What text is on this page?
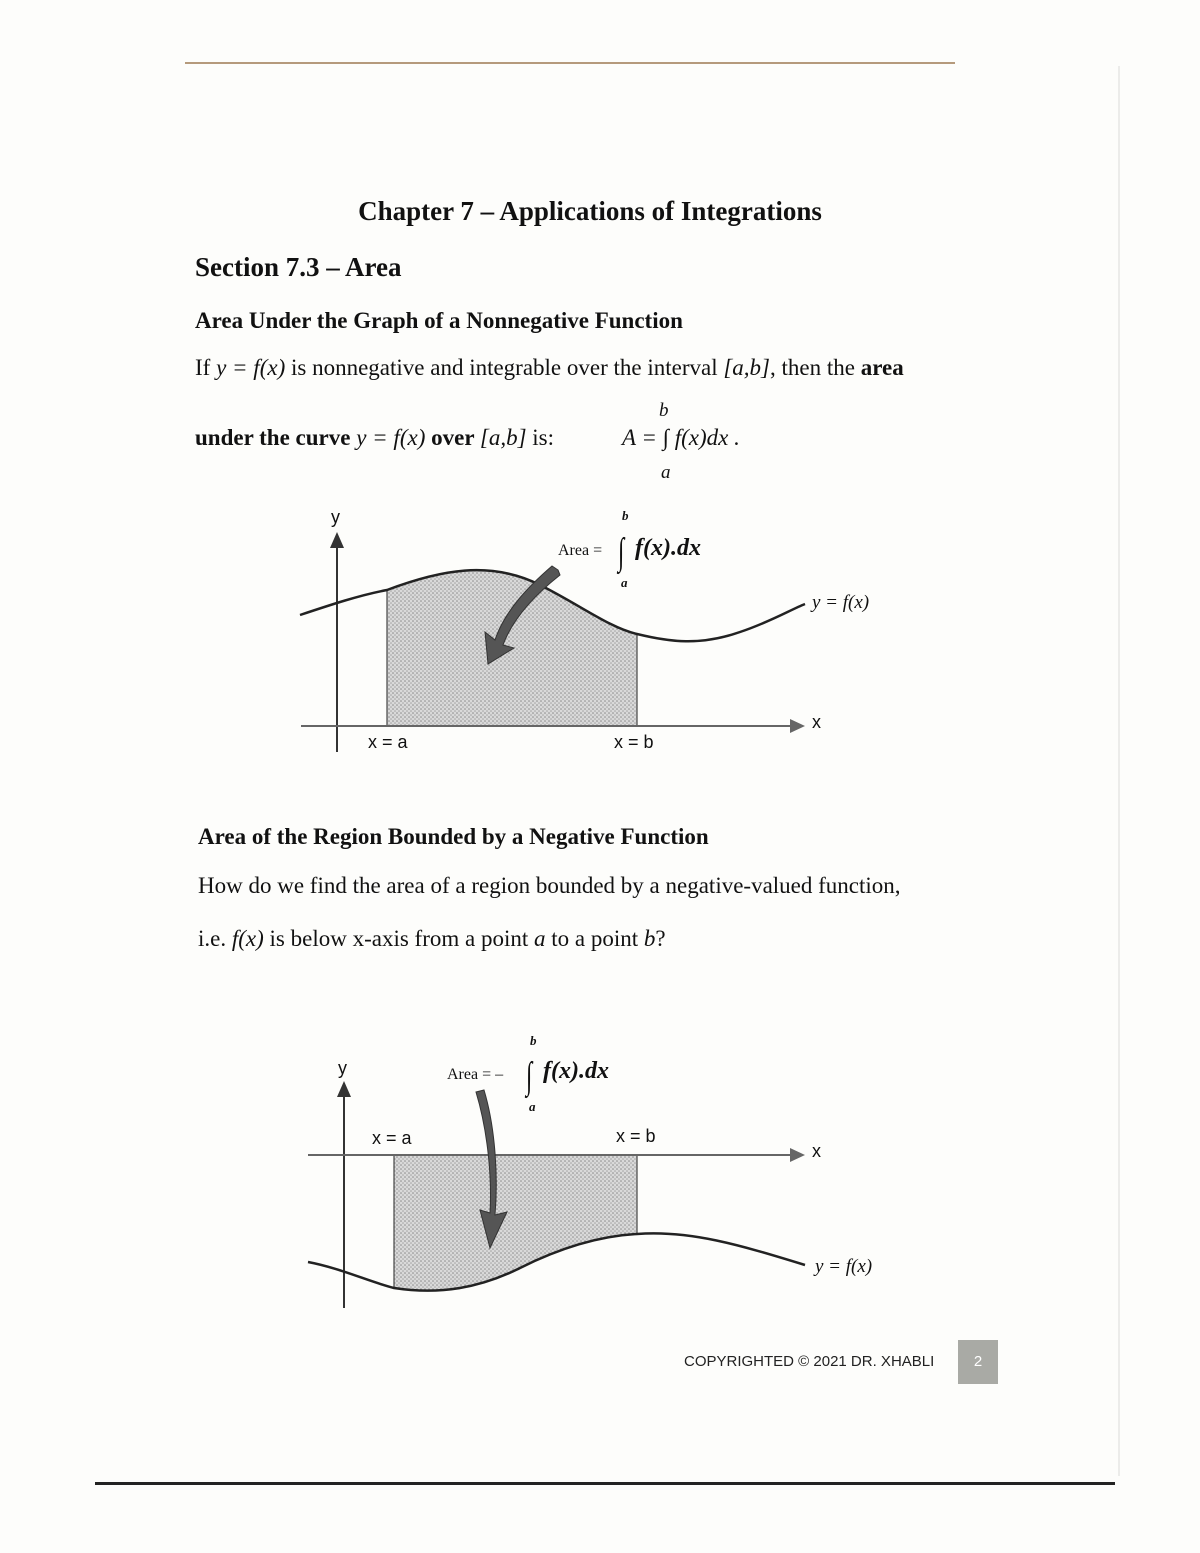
Chapter 7 – Applications of Integrations
Section 7.3 – Area
Area Under the Graph of a Nonnegative Function
If y = f(x) is nonnegative and integrable over the interval [a,b], then the area
under the curve y = f(x) over [a,b] is:	A = ∫ f(x)dx .
b
a
y
x
Area = ∫ f(x).dx
b
a
y = f(x)
x = a	x = b
Area of the Region Bounded by a Negative Function
How do we find the area of a region bounded by a negative-valued function,
i.e. f(x) is below x-axis from a point a to a point b?
y
x
Area = – ∫ f(x).dx
b
a
y = f(x)
x = a	x = b
COPYRIGHTED © 2021 DR. XHABLI	2
